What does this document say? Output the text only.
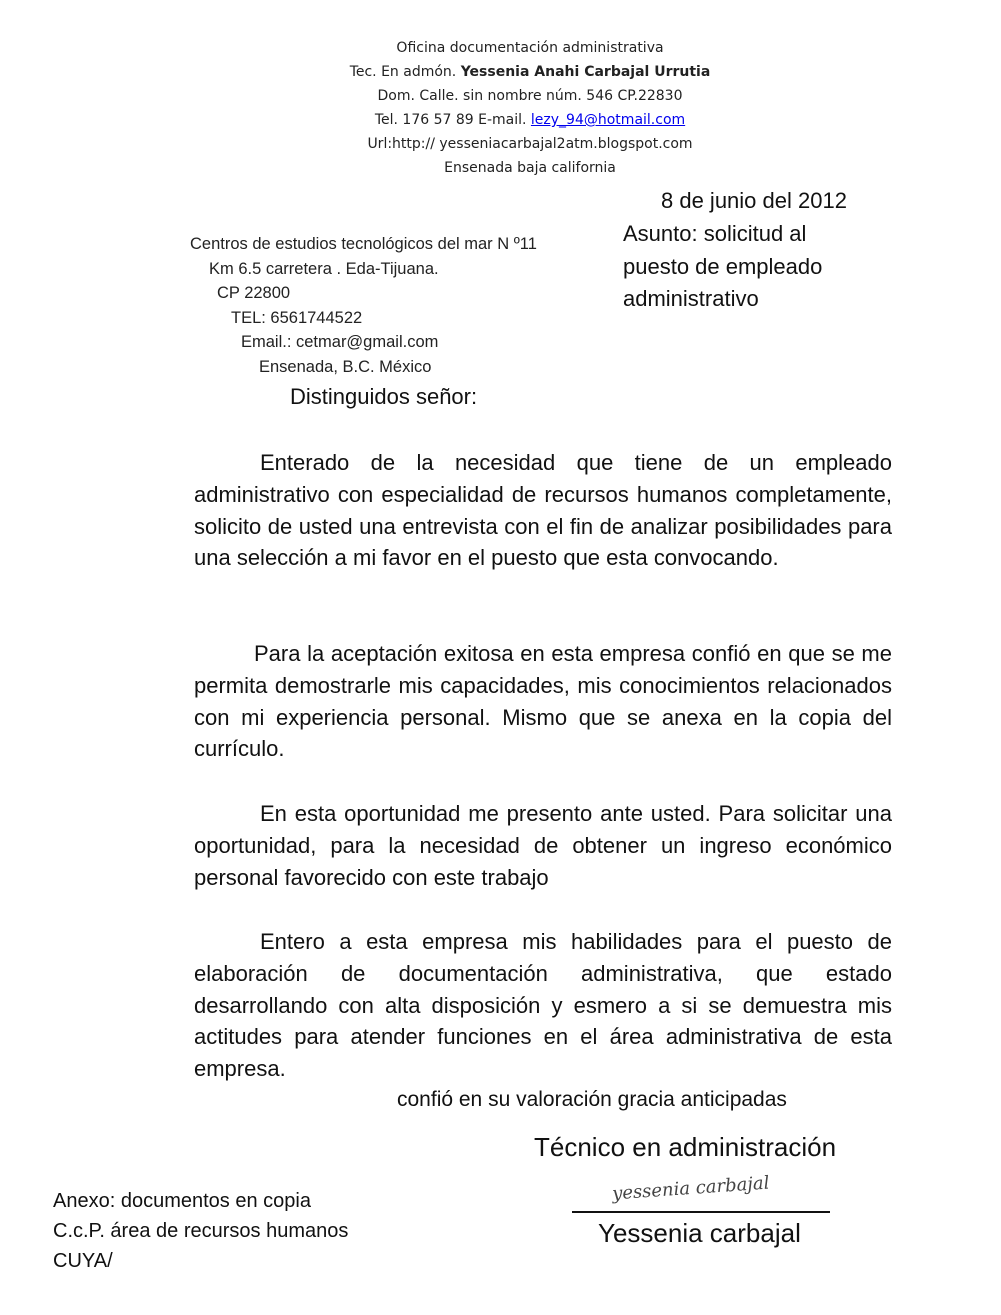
Oficina documentación administrativa
Tec. En admón. Yessenia Anahi Carbajal Urrutia
Dom. Calle. sin nombre núm. 546 CP.22830
Tel. 176 57 89 E-mail. lezy_94@hotmail.com
Url:http:// yesseniacarbajal2atm.blogspot.com
Ensenada baja california
8 de junio del 2012
Asunto: solicitud al
puesto de empleado
administrativo
Centros de estudios tecnológicos del mar N º11
Km 6.5 carretera . Eda-Tijuana.
CP 22800
TEL: 6561744522
Email.: cetmar@gmail.com
Ensenada, B.C. México
Distinguidos señor:

Enterado de la necesidad que tiene de un empleado administrativo con especialidad de recursos humanos completamente, solicito de usted una entrevista con el fin de analizar posibilidades para una selección a mi favor en el puesto que esta convocando.

Para la aceptación exitosa en esta empresa confió en que se me permita demostrarle mis capacidades, mis conocimientos relacionados con mi experiencia personal. Mismo que se anexa en la copia del currículo.

En esta oportunidad me presento ante usted. Para solicitar una oportunidad, para la necesidad de obtener un ingreso económico personal favorecido con este trabajo

Entero a esta empresa mis habilidades para el puesto de elaboración de documentación administrativa, que estado desarrollando con alta disposición y esmero a si se demuestra mis actitudes para atender funciones en el área administrativa de esta empresa.

confió en su valoración gracia anticipadas
Técnico en administración
yessenia carbajal
Yessenia carbajal
Anexo: documentos en copia
C.c.P. área de recursos humanos
CUYA/
